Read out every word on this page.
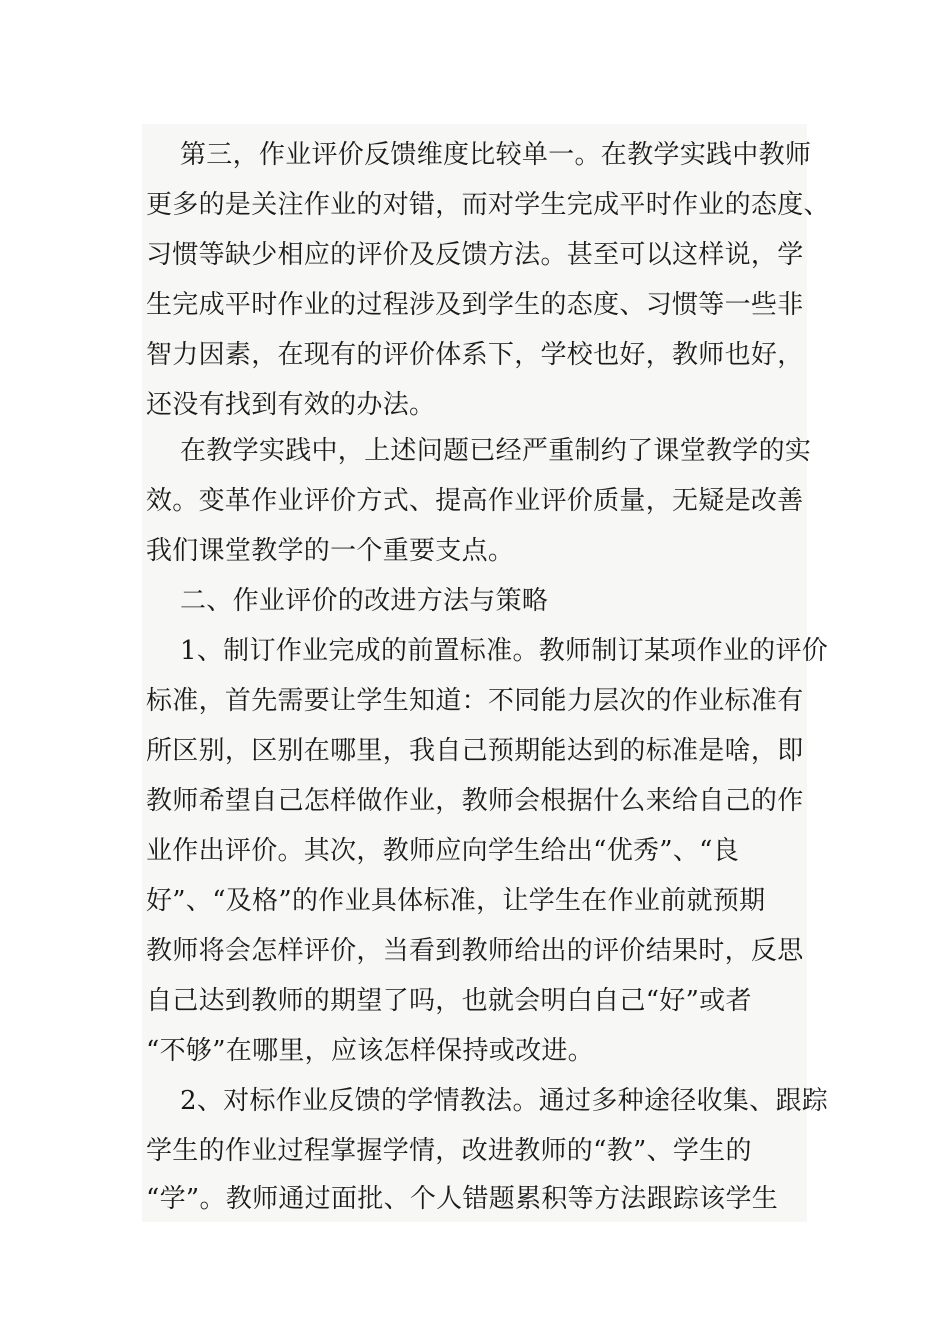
第三，作业评价反馈维度比较单一。在教学实践中教师
更多的是关注作业的对错，而对学生完成平时作业的态度、
习惯等缺少相应的评价及反馈方法。甚至可以这样说，学
生完成平时作业的过程涉及到学生的态度、习惯等一些非
智力因素，在现有的评价体系下，学校也好，教师也好，
还没有找到有效的办法。
在教学实践中，上述问题已经严重制约了课堂教学的实
效。变革作业评价方式、提高作业评价质量，无疑是改善
我们课堂教学的一个重要支点。
二、作业评价的改进方法与策略
1、制订作业完成的前置标准。教师制订某项作业的评价
标准，首先需要让学生知道：不同能力层次的作业标准有
所区别，区别在哪里，我自己预期能达到的标准是啥，即
教师希望自己怎样做作业，教师会根据什么来给自己的作
业作出评价。其次，教师应向学生给出“优秀”、“良
好”、“及格”的作业具体标准，让学生在作业前就预期
教师将会怎样评价，当看到教师给出的评价结果时，反思
自己达到教师的期望了吗，也就会明白自己“好”或者
“不够”在哪里，应该怎样保持或改进。
2、对标作业反馈的学情教法。通过多种途径收集、跟踪
学生的作业过程掌握学情，改进教师的“教”、学生的
“学”。教师通过面批、个人错题累积等方法跟踪该学生
